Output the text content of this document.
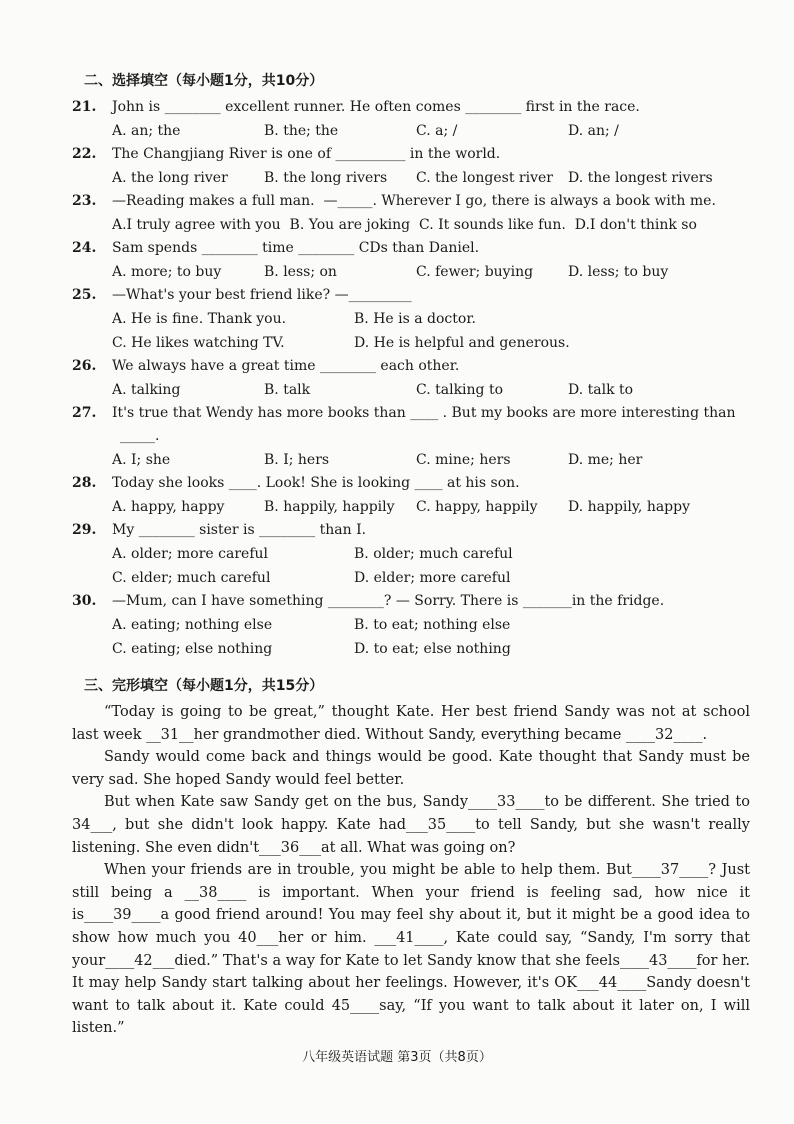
二、选择填空（每小题1分，共10分）
21.	John is ________ excellent runner. He often comes ________ first in the race.
A. an; the	B. the; the	C. a; /	D. an; /
22.	The Changjiang River is one of __________ in the world.
A. the long river	B. the long rivers	C. the longest river	D. the longest rivers
23.	—Reading makes a full man.  —_____. Wherever I go, there is always a book with me.
A.I truly agree with you  B. You are joking  C. It sounds like fun.  D.I don't think so
24.	Sam spends ________ time ________ CDs than Daniel.
A. more; to buy	B. less; on	C. fewer; buying	D. less; to buy
25.	—What's your best friend like? —_________
A. He is fine. Thank you.	B. He is a doctor.
C. He likes watching TV.	D. He is helpful and generous.
26.	We always have a great time ________ each other.
A. talking	B. talk	C. talking to	D. talk to
27.	It's true that Wendy has more books than ____ . But my books are more interesting than
_____.
A. I; she	B. I; hers	C. mine; hers	D. me; her
28.	Today she looks ____. Look! She is looking ____ at his son.
A. happy, happy	B. happily, happily	C. happy, happily	D. happily, happy
29.	My ________ sister is ________ than I.
A. older; more careful	B. older; much careful
C. elder; much careful	D. elder; more careful
30.	—Mum, can I have something ________? — Sorry. There is _______in the fridge.
A. eating; nothing else	B. to eat; nothing else
C. eating; else nothing	D. to eat; else nothing
三、完形填空（每小题1分，共15分）

“Today is going to be great,” thought Kate. Her best friend Sandy was not at school last week __31__her grandmother died. Without Sandy, everything became ____32____.

Sandy would come back and things would be good. Kate thought that Sandy must be very sad. She hoped Sandy would feel better.

But when Kate saw Sandy get on the bus, Sandy____33____to be different. She tried to 34___, but she didn't look happy. Kate had___35____to tell Sandy, but she wasn't really listening. She even didn't___36___at all. What was going on?

When your friends are in trouble, you might be able to help them. But____37____? Just still being a __38____ is important. When your friend is feeling sad, how nice it is____39____a good friend around! You may feel shy about it, but it might be a good idea to show how much you 40___her or him. ___41____, Kate could say, “Sandy, I'm sorry that your____42___died.” That's a way for Kate to let Sandy know that she feels____43____for her. It may help Sandy start talking about her feelings. However, it's OK___44____Sandy doesn't want to talk about it. Kate could 45____say, “If you want to talk about it later on, I will listen.”

八年级英语试题 第3页（共8页）
